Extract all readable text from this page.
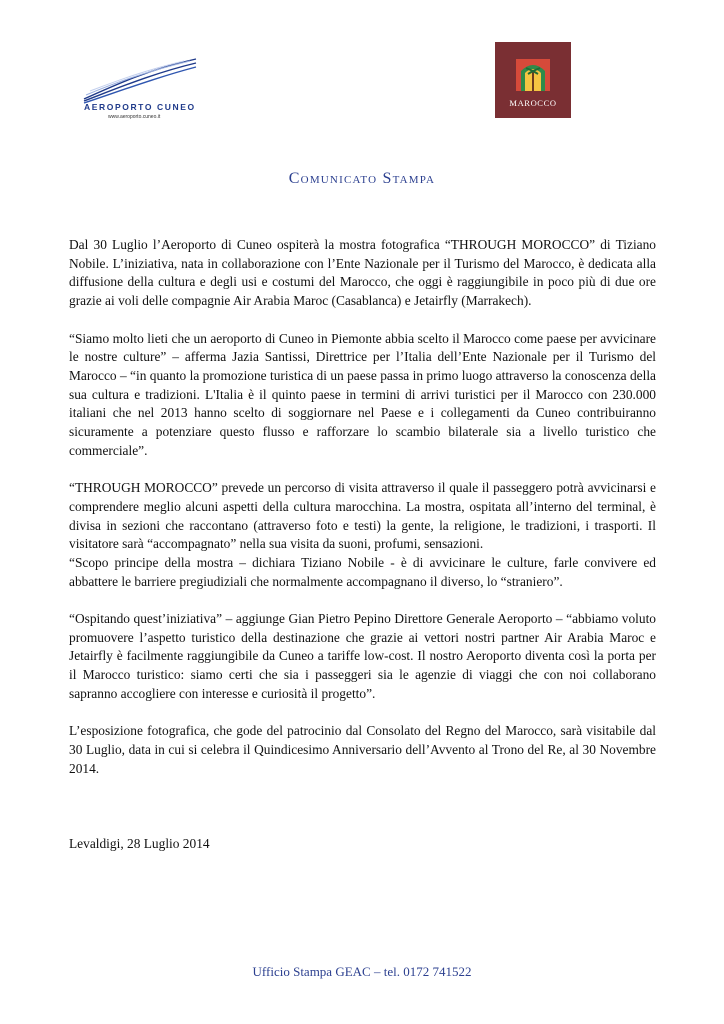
AEROPORTO CUNEO
www.aeroporto.cuneo.it
MAROCCO
Comunicato Stampa

Dal 30 Luglio l’Aeroporto di Cuneo ospiterà la mostra fotografica “THROUGH MOROCCO” di Tiziano Nobile. L’iniziativa, nata in collaborazione con l’Ente Nazionale per il Turismo del Marocco, è dedicata alla diffusione della cultura e degli usi e costumi del Marocco, che oggi è raggiungibile in poco più di due ore grazie ai voli delle compagnie Air Arabia Maroc (Casablanca) e Jetairfly (Marrakech).

“Siamo molto lieti che un aeroporto di Cuneo in Piemonte abbia scelto il Marocco come paese per avvicinare le nostre culture” – afferma Jazia Santissi, Direttrice per l’Italia dell’Ente Nazionale per il Turismo del Marocco – “in quanto la promozione turistica di un paese passa in primo luogo attraverso la conoscenza della sua cultura e tradizioni. L'Italia è il quinto paese in termini di arrivi turistici per il Marocco con 230.000 italiani che nel 2013 hanno scelto di soggiornare nel Paese e i collegamenti da Cuneo contribuiranno sicuramente a potenziare questo flusso e rafforzare lo scambio bilaterale sia a livello turistico che commerciale”.

“THROUGH MOROCCO” prevede un percorso di visita attraverso il quale il passeggero potrà avvicinarsi e comprendere meglio alcuni aspetti della cultura marocchina. La mostra, ospitata all’interno del terminal, è divisa in sezioni che raccontano (attraverso foto e testi) la gente, la religione, le tradizioni, i trasporti. Il visitatore sarà “accompagnato” nella sua visita da suoni, profumi, sensazioni.

“Scopo principe della mostra – dichiara Tiziano Nobile - è di avvicinare le culture, farle convivere ed abbattere le barriere pregiudiziali che normalmente accompagnano il diverso, lo “straniero”.

“Ospitando quest’iniziativa” – aggiunge Gian Pietro Pepino Direttore Generale Aeroporto – “abbiamo voluto promuovere l’aspetto turistico della destinazione che grazie ai vettori nostri partner Air Arabia Maroc e Jetairfly è facilmente raggiungibile da Cuneo a tariffe low-cost. Il nostro Aeroporto diventa così la porta per il Marocco turistico: siamo certi che sia i passeggeri sia le agenzie di viaggi che con noi collaborano sapranno accogliere con interesse e curiosità il progetto”.

L’esposizione fotografica, che gode del patrocinio dal Consolato del Regno del Marocco, sarà visitabile dal 30 Luglio, data in cui si celebra il Quindicesimo Anniversario dell’Avvento al Trono del Re, al 30 Novembre 2014.

Levaldigi, 28 Luglio 2014
Ufficio Stampa GEAC – tel. 0172 741522
